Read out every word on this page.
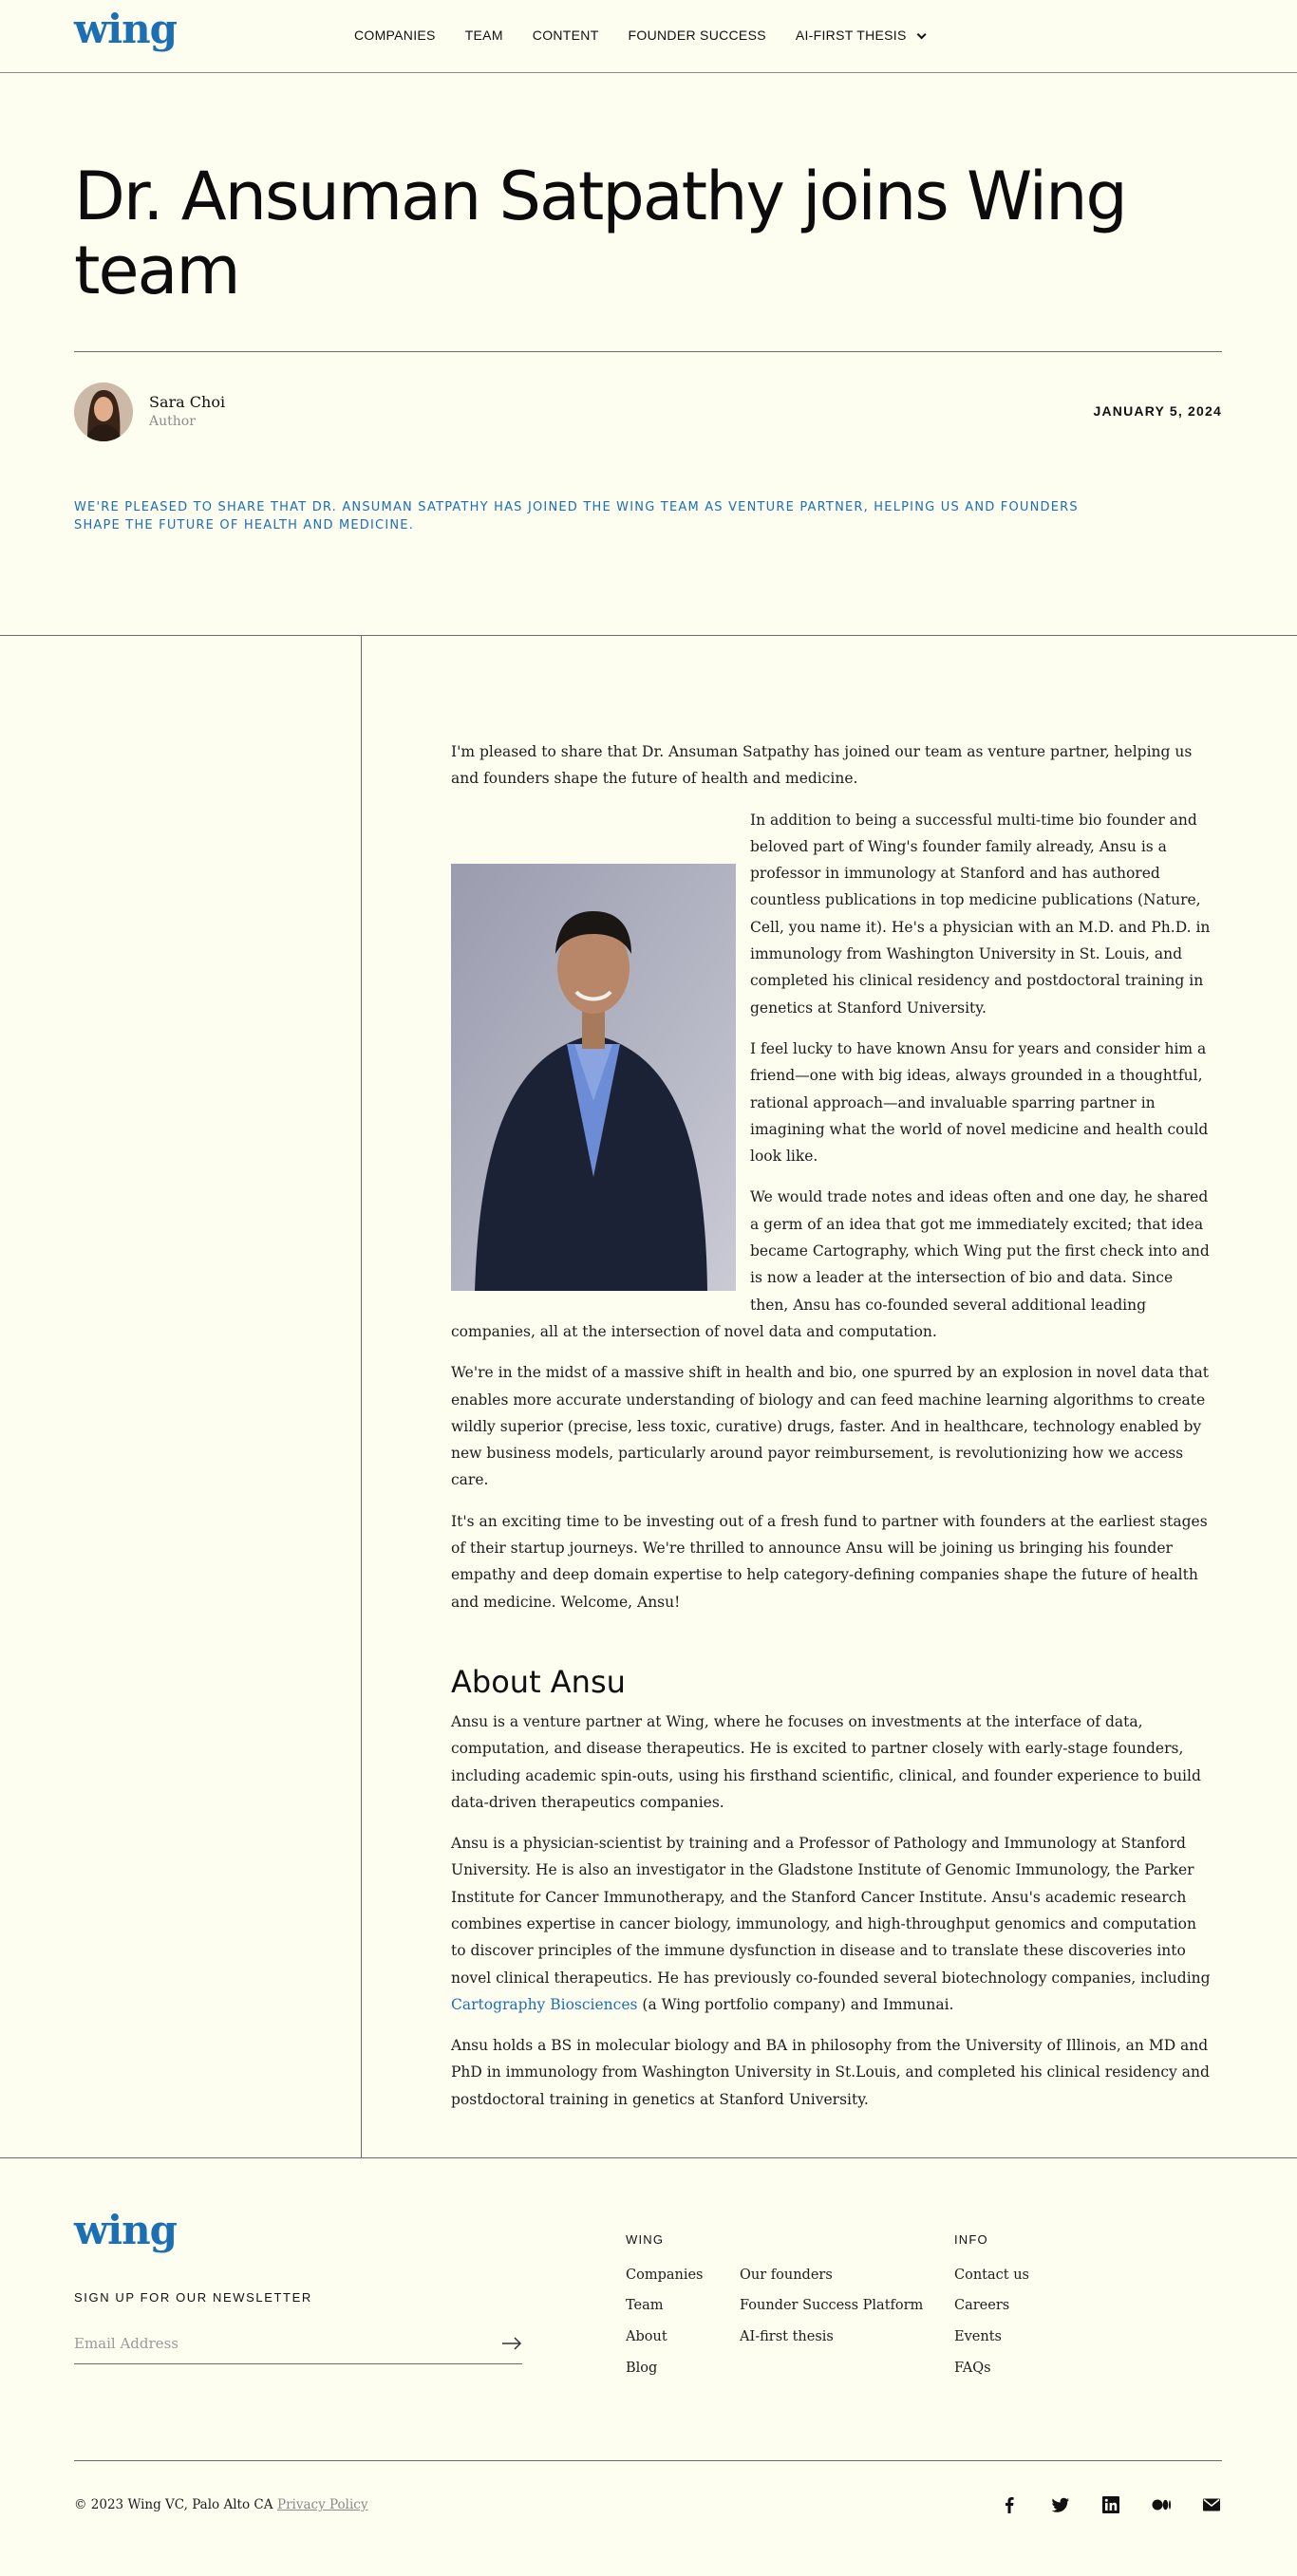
wing	COMPANIES TEAM CONTENT FOUNDER SUCCESS AI-FIRST THESIS
Dr. Ansuman Satpathy joins Wing team
Sara Choi
Author
JANUARY 5, 2024
WE'RE PLEASED TO SHARE THAT DR. ANSUMAN SATPATHY HAS JOINED THE WING TEAM AS VENTURE PARTNER, HELPING US AND FOUNDERS SHAPE THE FUTURE OF HEALTH AND MEDICINE.

I'm pleased to share that Dr. Ansuman Satpathy has joined our team as venture partner, helping us and founders shape the future of health and medicine.

In addition to being a successful multi-time bio founder and beloved part of Wing's founder family already, Ansu is a professor in immunology at Stanford and has authored countless publications in top medicine publications (Nature, Cell, you name it). He's a physician with an M.D. and Ph.D. in immunology from Washington University in St. Louis, and completed his clinical residency and postdoctoral training in genetics at Stanford University.

I feel lucky to have known Ansu for years and consider him a friend—one with big ideas, always grounded in a thoughtful, rational approach—and invaluable sparring partner in imagining what the world of novel medicine and health could look like.

We would trade notes and ideas often and one day, he shared a germ of an idea that got me immediately excited; that idea became Cartography, which Wing put the first check into and is now a leader at the intersection of bio and data. Since then, Ansu has co-founded several additional leading companies, all at the intersection of novel data and computation.

We're in the midst of a massive shift in health and bio, one spurred by an explosion in novel data that enables more accurate understanding of biology and can feed machine learning algorithms to create wildly superior (precise, less toxic, curative) drugs, faster. And in healthcare, technology enabled by new business models, particularly around payor reimbursement, is revolutionizing how we access care.

It's an exciting time to be investing out of a fresh fund to partner with founders at the earliest stages of their startup journeys. We're thrilled to announce Ansu will be joining us bringing his founder empathy and deep domain expertise to help category-defining companies shape the future of health and medicine. Welcome, Ansu!

About Ansu

Ansu is a venture partner at Wing, where he focuses on investments at the interface of data, computation, and disease therapeutics. He is excited to partner closely with early-stage founders, including academic spin-outs, using his firsthand scientific, clinical, and founder experience to build data-driven therapeutics companies.

Ansu is a physician-scientist by training and a Professor of Pathology and Immunology at Stanford University. He is also an investigator in the Gladstone Institute of Genomic Immunology, the Parker Institute for Cancer Immunotherapy, and the Stanford Cancer Institute. Ansu's academic research combines expertise in cancer biology, immunology, and high-throughput genomics and computation to discover principles of the immune dysfunction in disease and to translate these discoveries into novel clinical therapeutics. He has previously co-founded several biotechnology companies, including Cartography Biosciences (a Wing portfolio company) and Immunai.

Ansu holds a BS in molecular biology and BA in philosophy from the University of Illinois, an MD and PhD in immunology from Washington University in St.Louis, and completed his clinical residency and postdoctoral training in genetics at Stanford University.

wing
SIGN UP FOR OUR NEWSLETTER
Email Address
WING
Companies
Team
About
Blog
Our founders
Founder Success Platform
AI-first thesis
INFO
Contact us
Careers
Events
FAQs
© 2023 Wing VC, Palo Alto CA Privacy Policy
